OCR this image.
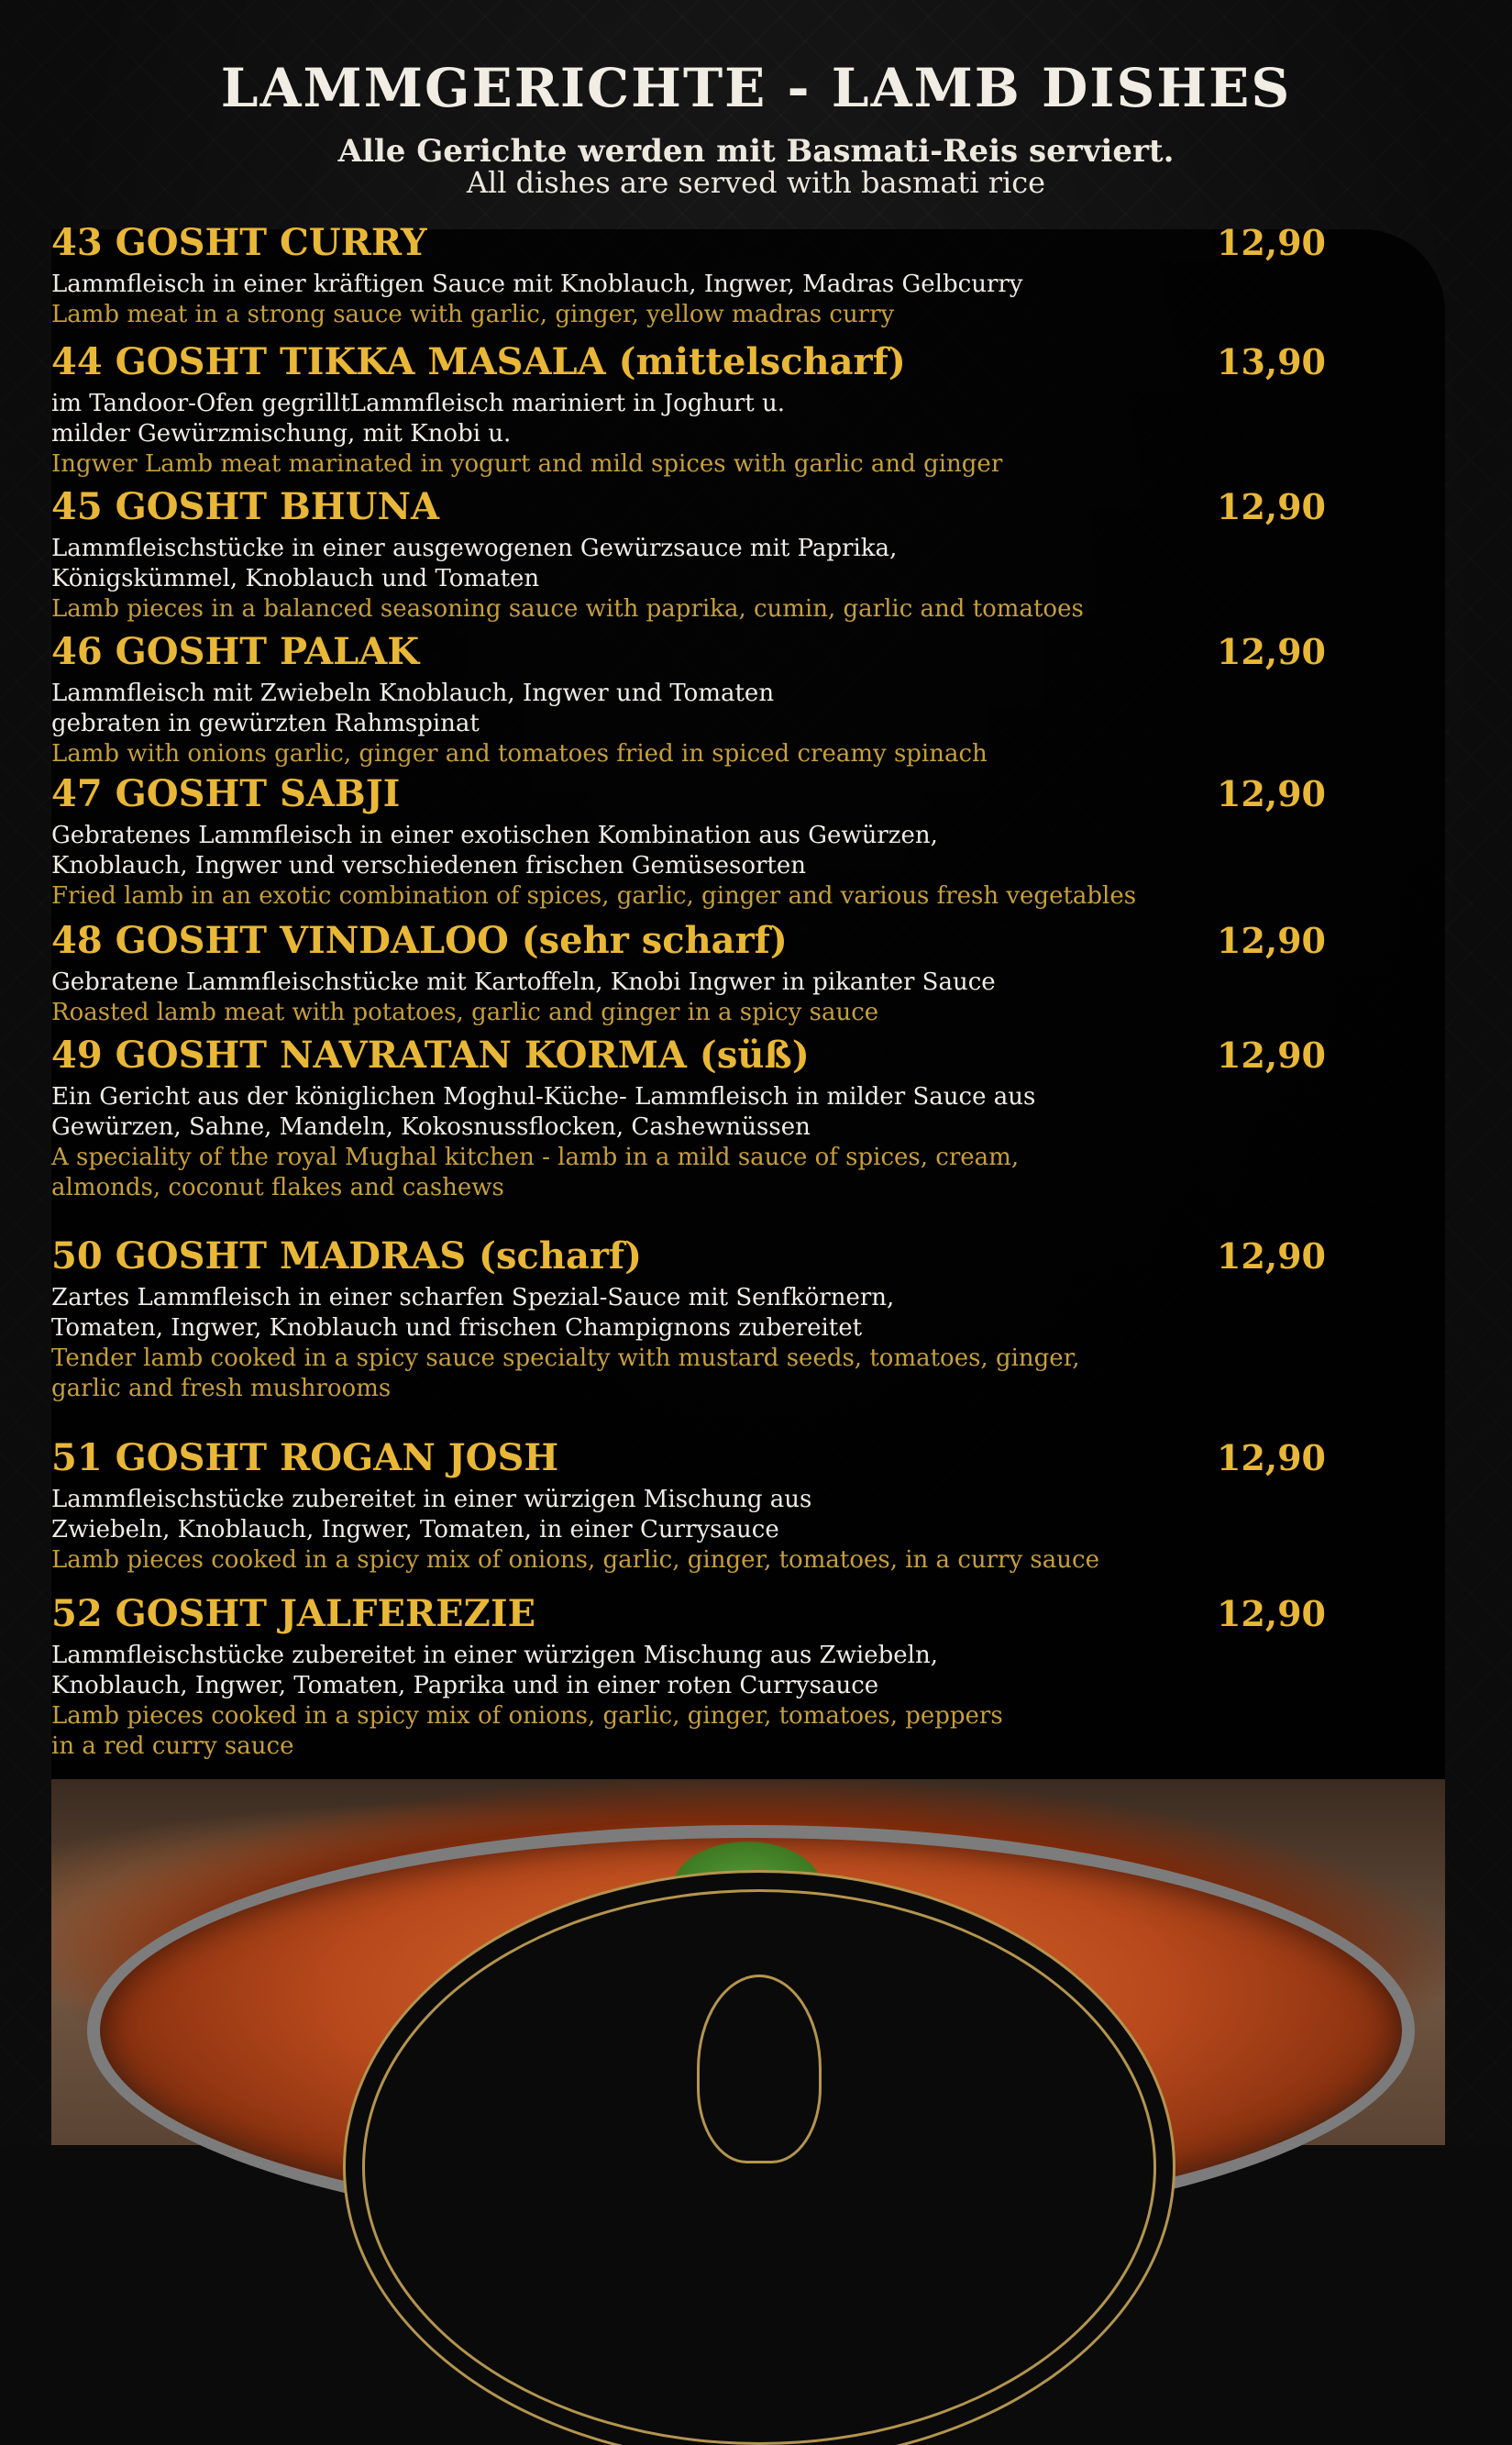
LAMMGERICHTE - LAMB DISHES

Alle Gerichte werden mit Basmati-Reis serviert.

All dishes are served with basmati rice

43 GOSHT CURRY	12,90

Lammfleisch in einer kräftigen Sauce mit Knoblauch, Ingwer, Madras Gelbcurry

Lamb meat in a strong sauce with garlic, ginger, yellow madras curry

44 GOSHT TIKKA MASALA (mittelscharf)	13,90

im Tandoor-Ofen gegrilltLammfleisch mariniert in Joghurt u.

milder Gewürzmischung, mit Knobi u.

Ingwer Lamb meat marinated in yogurt and mild spices with garlic and ginger

45 GOSHT BHUNA	12,90

Lammfleischstücke in einer ausgewogenen Gewürzsauce mit Paprika,

Königskümmel, Knoblauch und Tomaten

Lamb pieces in a balanced seasoning sauce with paprika, cumin, garlic and tomatoes

46 GOSHT PALAK	12,90

Lammfleisch mit Zwiebeln Knoblauch, Ingwer und Tomaten

gebraten in gewürzten Rahmspinat

Lamb with onions garlic, ginger and tomatoes fried in spiced creamy spinach

47 GOSHT SABJI	12,90

Gebratenes Lammfleisch in einer exotischen Kombination aus Gewürzen,

Knoblauch, Ingwer und verschiedenen frischen Gemüsesorten

Fried lamb in an exotic combination of spices, garlic, ginger and various fresh vegetables

48 GOSHT VINDALOO (sehr scharf)	12,90

Gebratene Lammfleischstücke mit Kartoffeln, Knobi Ingwer in pikanter Sauce

Roasted lamb meat with potatoes, garlic and ginger in a spicy sauce

49 GOSHT NAVRATAN KORMA (süß)	12,90

Ein Gericht aus der königlichen Moghul-Küche- Lammfleisch in milder Sauce aus

Gewürzen, Sahne, Mandeln, Kokosnussflocken, Cashewnüssen

A speciality of the royal Mughal kitchen - lamb in a mild sauce of spices, cream,

almonds, coconut flakes and cashews

50 GOSHT MADRAS (scharf)	12,90

Zartes Lammfleisch in einer scharfen Spezial-Sauce mit Senfkörnern,

Tomaten, Ingwer, Knoblauch und frischen Champignons zubereitet

Tender lamb cooked in a spicy sauce specialty with mustard seeds, tomatoes, ginger,

garlic and fresh mushrooms

51 GOSHT ROGAN JOSH	12,90

Lammfleischstücke zubereitet in einer würzigen Mischung aus

Zwiebeln, Knoblauch, Ingwer, Tomaten, in einer Currysauce

Lamb pieces cooked in a spicy mix of onions, garlic, ginger, tomatoes, in a curry sauce

52 GOSHT JALFEREZIE	12,90

Lammfleischstücke zubereitet in einer würzigen Mischung aus Zwiebeln,

Knoblauch, Ingwer, Tomaten, Paprika und in einer roten Currysauce

Lamb pieces cooked in a spicy mix of onions, garlic, ginger, tomatoes, peppers

in a red curry sauce
